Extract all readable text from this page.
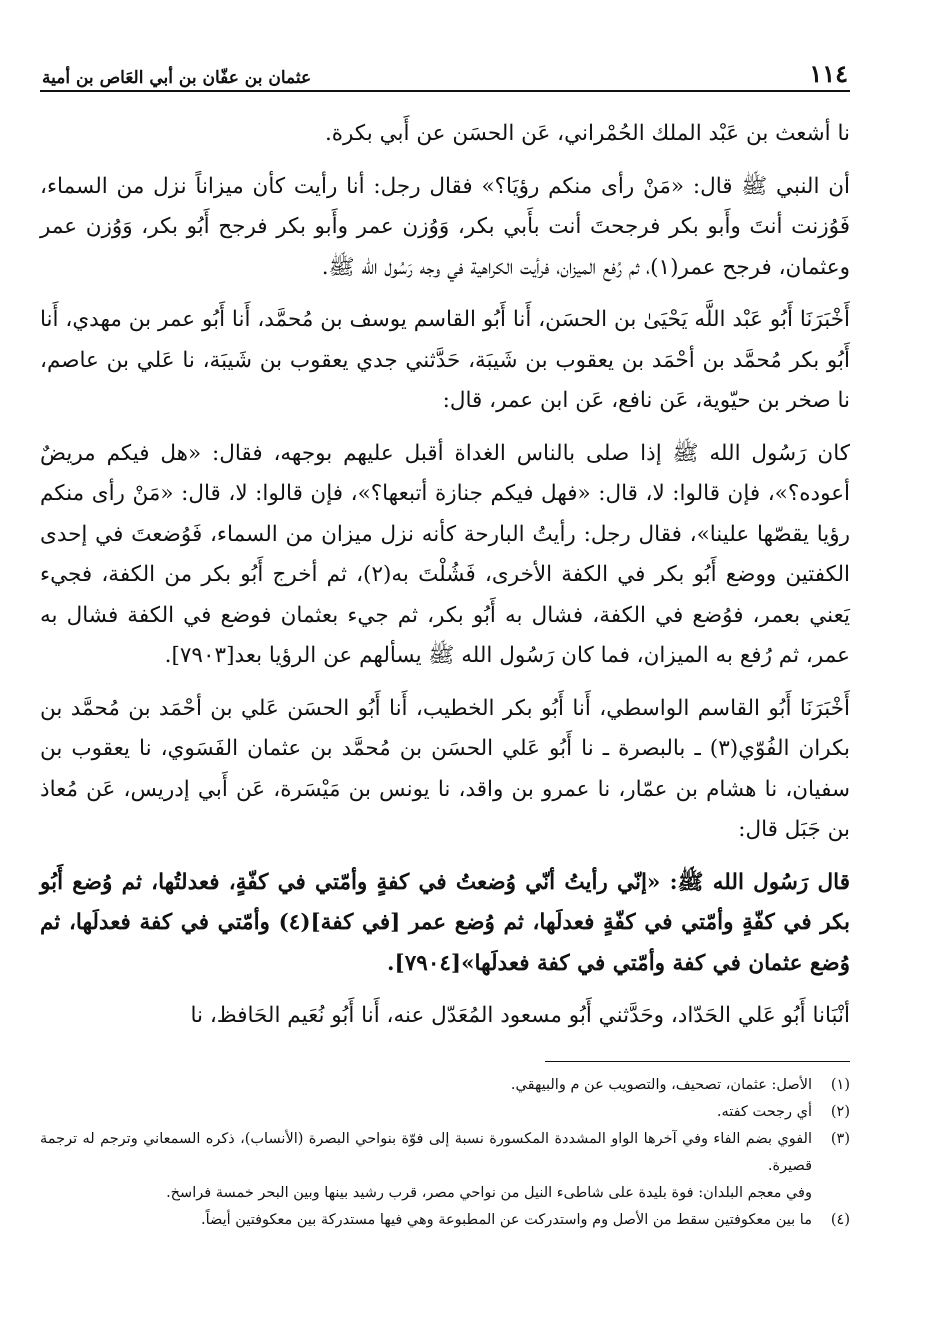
١١٤
عثمان بن عفّان بن أبي العَاص بن أمية

نا أشعث بن عَبْد الملك الحُمْراني، عَن الحسَن عن أَبي بكرة.

أن النبي ﷺ قال: «مَنْ رأى منكم رؤيَا؟» فقال رجل: أنا رأيت كأن ميزاناً نزل من السماء، فَوُزنت أنتَ وأَبو بكر فرجحتَ أنت بأَبي بكر، وَوُزن عمر وأَبو بكر فرجح أَبُو بكر، وَوُزن عمر وعثمان، فرجح عمر(١)، ثم رُفع الميزان، فرأيت الكراهية في وجه رَسُول الله ﷺ.

أَخْبَرَنَا أَبُو عَبْد اللَّه يَحْيَىٰ بن الحسَن، أَنا أَبُو القاسم يوسف بن مُحمَّد، أَنا أَبُو عمر بن مهدي، أَنا أَبُو بكر مُحمَّد بن أحْمَد بن يعقوب بن شَيبَة، حَدَّثني جدي يعقوب بن شَيبَة، نا عَلي بن عاصم، نا صخر بن حيّوية، عَن نافع، عَن ابن عمر، قال:

كان رَسُول الله ﷺ إذا صلى بالناس الغداة أقبل عليهم بوجهه، فقال: «هل فيكم مريضٌ أعوده؟»، فإن قالوا: لا، قال: «فهل فيكم جنازة أتبعها؟»، فإن قالوا: لا، قال: «مَنْ رأى منكم رؤيا يقصّها علينا»، فقال رجل: رأيتُ البارحة كأنه نزل ميزان من السماء، فَوُضعتَ في إحدى الكفتين ووضع أَبُو بكر في الكفة الأخرى، فَشُلْتَ به(٢)، ثم أخرج أَبُو بكر من الكفة، فجيء يَعني بعمر، فوُضع في الكفة، فشال به أَبُو بكر، ثم جيء بعثمان فوضع في الكفة فشال به عمر، ثم رُفع به الميزان، فما كان رَسُول الله ﷺ يسألهم عن الرؤيا بعد[٧٩٠٣].

أَخْبَرَنَا أَبُو القاسم الواسطي، أَنا أَبُو بكر الخطيب، أَنا أَبُو الحسَن عَلي بن أحْمَد بن مُحمَّد بن بكران الفُوّي(٣) ـ بالبصرة ـ نا أَبُو عَلي الحسَن بن مُحمَّد بن عثمان الفَسَوي، نا يعقوب بن سفيان، نا هشام بن عمّار، نا عمرو بن واقد، نا يونس بن مَيْسَرة، عَن أَبي إدريس، عَن مُعاذ بن جَبَل قال:

قال رَسُول الله ﷺ: «إنّي رأيتُ أنّي وُضعتُ في كفةٍ وأمّتي في كفّةٍ، فعدلتُها، ثم وُضع أَبُو بكر في كفّةٍ وأمّتي في كفّةٍ فعدلَها، ثم وُضع عمر [في كفة](٤) وأمّتي في كفة فعدلَها، ثم وُضع عثمان في كفة وأمّتي في كفة فعدلَها»[٧٩٠٤].

أنْبَانا أَبُو عَلي الحَدّاد، وحَدَّثني أَبُو مسعود المُعَدّل عنه، أَنا أَبُو نُعَيم الحَافظ، نا

(١)
الأصل: عثمان، تصحيف، والتصويب عن م والبيهقي.
(٢)
أي رجحت كفته.
(٣)
الفوي بضم الفاء وفي آخرها الواو المشددة المكسورة نسبة إلى فوّة بنواحي البصرة (الأنساب)، ذكره السمعاني وترجم له ترجمة قصيرة.
وفي معجم البلدان: فوة بليدة على شاطىء النيل من نواحي مصر، قرب رشيد بينها وبين البحر خمسة فراسخ.
(٤)
ما بين معكوفتين سقط من الأصل وم واستدركت عن المطبوعة وهي فيها مستدركة بين معكوفتين أيضاً.
